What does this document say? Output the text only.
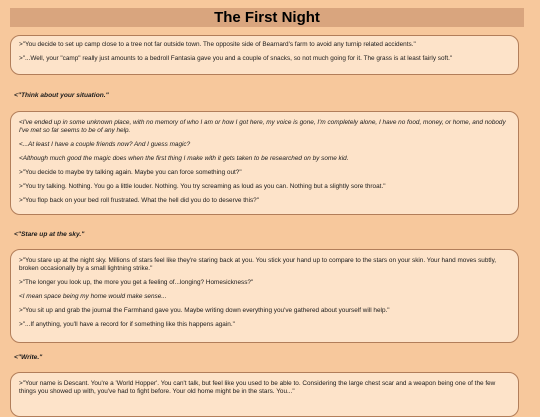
The First Night

>"You decide to set up camp close to a tree not far outside town. The opposite side of Bearnard's farm to avoid any turnip related accidents."

>"...Well, your "camp" really just amounts to a bedroll Fantasia gave you and a couple of snacks, so not much going for it. The grass is at least fairly soft."

<"Think about your situation."

<I've ended up in some unknown place, with no memory of who I am or how I got here, my voice is gone, I'm completely alone, I have no food, money, or home, and nobody I've met so far seems to be of any help.

<...At least I have a couple friends now? And I guess magic?

<Although much good the magic does when the first thing I make with it gets taken to be researched on by some kid.

>"You decide to maybe try talking again. Maybe you can force something out?"

>"You try talking. Nothing. You go a little louder. Nothing. You try screaming as loud as you can. Nothing but a slightly sore throat."

>"You flop back on your bed roll frustrated. What the hell did you do to deserve this?"

<"Stare up at the sky."

>"You stare up at the night sky. Millions of stars feel like they're staring back at you. You stick your hand up to compare to the stars on your skin. Your hand moves subtly, broken occasionally by a small lightning strike."

>"The longer you look up, the more you get a feeling of...longing? Homesickness?"

<I mean space being my home would make sense...

>"You sit up and grab the journal the Farmhand gave you. Maybe writing down everything you've gathered about yourself will help."

>"...If anything, you'll have a record for if something like this happens again."

<"Write."

>"Your name is Descant. You're a 'World Hopper'. You can't talk, but feel like you used to be able to. Considering the large chest scar and a weapon being one of the few things you showed up with, you've had to fight before. Your old home might be in the stars. You..."
